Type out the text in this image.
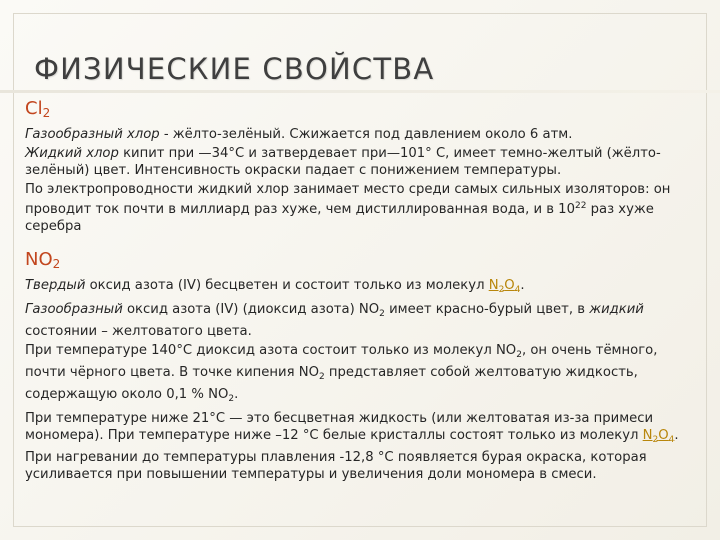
ФИЗИЧЕСКИЕ СВОЙСТВА
$Cl_2$

Газообразный хлор - жёлто-зелёный. Сжижается под давлением около 6 атм.

Жидкий хлор кипит при —34°С и затвердевает при—101° С, имеет темно-желтый (жёлто-зелёный) цвет. Интенсивность окраски падает с понижением температуры.

По электропроводности жидкий хлор занимает место среди самых сильных изоляторов: он проводит ток почти в миллиард раз хуже, чем дистиллированная вода, и в $10^{22}$ раз хуже серебра

$NO_2$

Твердый оксид азота (IV) бесцветен и состоит только из молекул $N_2O_4$.

Газообразный оксид азота (IV) (диоксид азота) $NO_2$ имеет красно-бурый цвет, в жидкий состоянии – желтоватого цвета.

При температуре 140°C диоксид азота состоит только из молекул $NO_2$, он очень тёмного, почти чёрного цвета. В точке кипения $NO_2$ представляет собой желтоватую жидкость, содержащую около 0,1 % $NO_2$.

При температуре ниже 21°C — это бесцветная жидкость (или желтоватая из-за примеси мономера). При температуре ниже –12 °C белые кристаллы состоят только из молекул $N_2O_4$. При нагревании до температуры плавления -12,8 °C появляется бурая окраска, которая усиливается при повышении температуры и увеличения доли мономера в смеси.
